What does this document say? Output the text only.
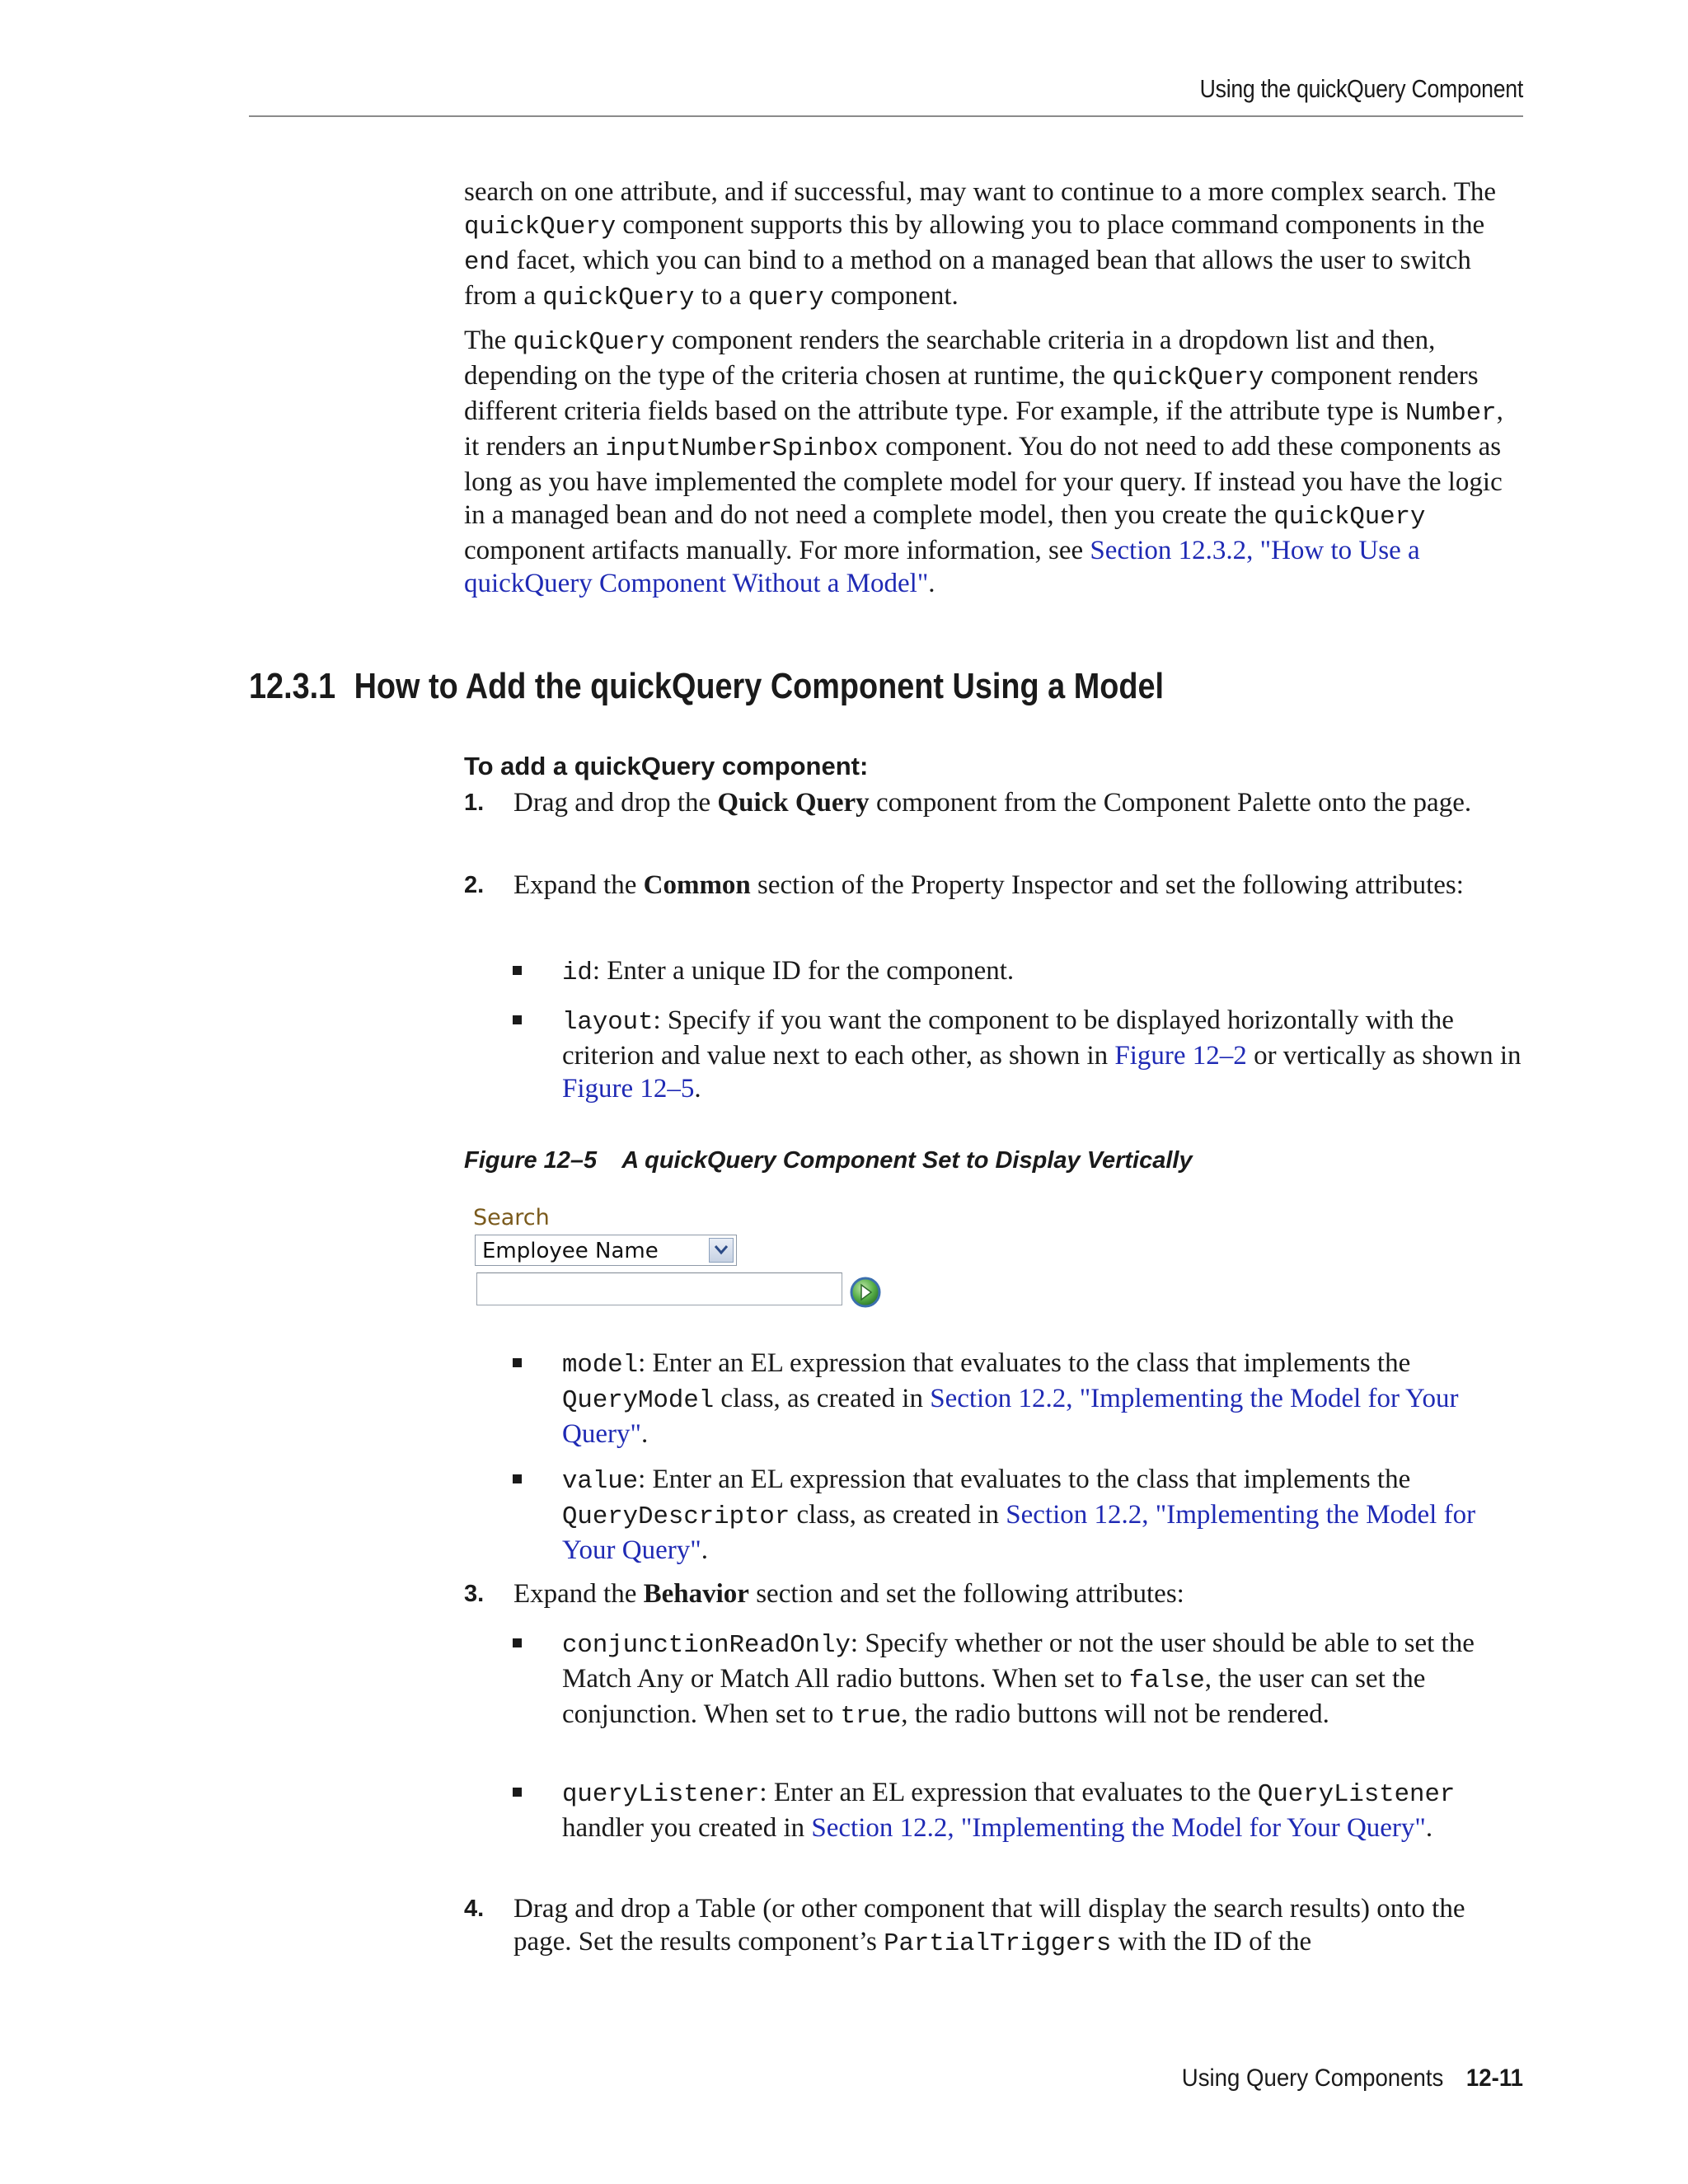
Using the quickQuery Component

search on one attribute, and if successful, may want to continue to a more complex search. The quickQuery component supports this by allowing you to place command components in the end facet, which you can bind to a method on a managed bean that allows the user to switch from a quickQuery to a query component.

The quickQuery component renders the searchable criteria in a dropdown list and then, depending on the type of the criteria chosen at runtime, the quickQuery component renders different criteria fields based on the attribute type. For example, if the attribute type is Number, it renders an inputNumberSpinbox component. You do not need to add these components as long as you have implemented the complete model for your query. If instead you have the logic in a managed bean and do not need a complete model, then you create the quickQuery component artifacts manually. For more information, see Section 12.3.2, "How to Use a quickQuery Component Without a Model".

12.3.1 How to Add the quickQuery Component Using a Model
To add a quickQuery component:
1. Drag and drop the Quick Query component from the Component Palette onto the page.
2. Expand the Common section of the Property Inspector and set the following attributes:
id: Enter a unique ID for the component.
layout: Specify if you want the component to be displayed horizontally with the criterion and value next to each other, as shown in Figure 12–2 or vertically as shown in Figure 12–5.
Figure 12–5 A quickQuery Component Set to Display Vertically
Search
Employee Name
model: Enter an EL expression that evaluates to the class that implements the QueryModel class, as created in Section 12.2, "Implementing the Model for Your Query".
value: Enter an EL expression that evaluates to the class that implements the QueryDescriptor class, as created in Section 12.2, "Implementing the Model for Your Query".
3. Expand the Behavior section and set the following attributes:
conjunctionReadOnly: Specify whether or not the user should be able to set the Match Any or Match All radio buttons. When set to false, the user can set the conjunction. When set to true, the radio buttons will not be rendered.
queryListener: Enter an EL expression that evaluates to the QueryListener handler you created in Section 12.2, "Implementing the Model for Your Query".
4. Drag and drop a Table (or other component that will display the search results) onto the page. Set the results component’s PartialTriggers with the ID of the
Using Query Components 12-11
